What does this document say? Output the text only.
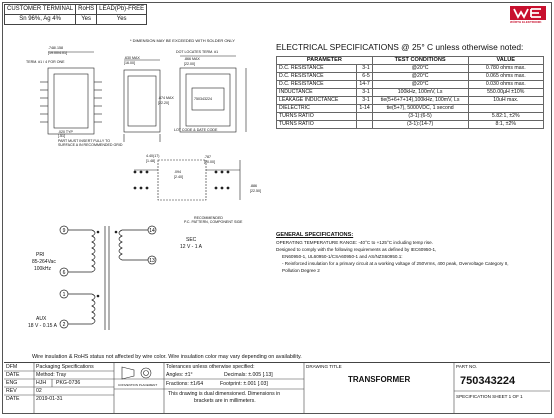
CUSTOMER TERMINAL	RoHS	LEAD(Pb)-FREE
Sn 96%, Ag 4%	Yes	Yes	WÜRTH ELEKTRONIK
* DIMENSION MAY BE EXCEEDED WITH SOLDER ONLY
.748/.158
[19.00/4.01]
TERM. #1 / 4 FOR ONE
.630 MAX
[16.00]
DOT LOCATES TERM. #1
.866 MAX
[22.00]
.874 MAX
[22.20]
750343224
LOT CODE & DATE CODE
.020 TYP
[.51]
PART MUST INSERT FULLY TO
SURFACE A IN RECOMMENDED GRID
4.40(17)
[1.48]
.094
[2.40]
.787
[20.00]
.886
[22.50]
RECOMMENDED
P.C. PATTERN, COMPONENT SIDE
9
6
14
13
1
2
PRI
85-264Vac
100kHz
SEC
12 V - 1 A
AUX
18 V - 0.15 A
ELECTRICAL SPECIFICATIONS @ 25° C unless otherwise noted:
PARAMETER		TEST CONDITIONS	VALUE
D.C. RESISTANCE	3-1	@20°C	0.780 ohms max.
D.C. RESISTANCE	6-5	@20°C	0.065 ohms max.
D.C. RESISTANCE	14-7	@20°C	0.030 ohms max.
INDUCTANCE	3-1	100kHz, 100mV, Ls	550.00µH ±10%
LEAKAGE INDUCTANCE	3-1	tie(5+6+7+14),100kHz, 100mV, Ls	10uH max.
DIELECTRIC	1-14	tie(5+7), 5000VDC, 1 second	
TURNS RATIO		(3-1):(6-5)	5.82:1, ±2%
TURNS RATIO		(3-1):(14-7)	8:1, ±2%
GENERAL SPECIFICATIONS:
OPERATING TEMPERATURE RANGE: -40°C to +125°C including temp rise.
Designed to comply with the following requirements as defined by IEC60950-1,
EN60950-1, UL60950-1/CSA60950-1 and AS/NZS60950.1:
- Reinforced insulation for a primary circuit at a working voltage of 250Vrms, 400 peak, Overvoltage Category II,
Pollution Degree 2
Wire insulation & RoHS status not affected by wire color. Wire insulation color may vary depending on availability.
DFM	Packaging Specifications
DATE	Method: Tray
ENG	HJH PKG-0736
REV	02
DATE	2019-01-31
CONVENTION PLACEMENT
Tolerances unless otherwise specified:
Angles: ±1°	Decimals: ±.005 [.13]
Fractions: ±1/64	Footprint: ±.001 [.03]
This drawing is dual dimensioned. Dimensions in
brackets are in millimeters.
DRAWING TITLE
TRANSFORMER
PART NO.
750343224
SPECIFICATION SHEET 1 OF 1
